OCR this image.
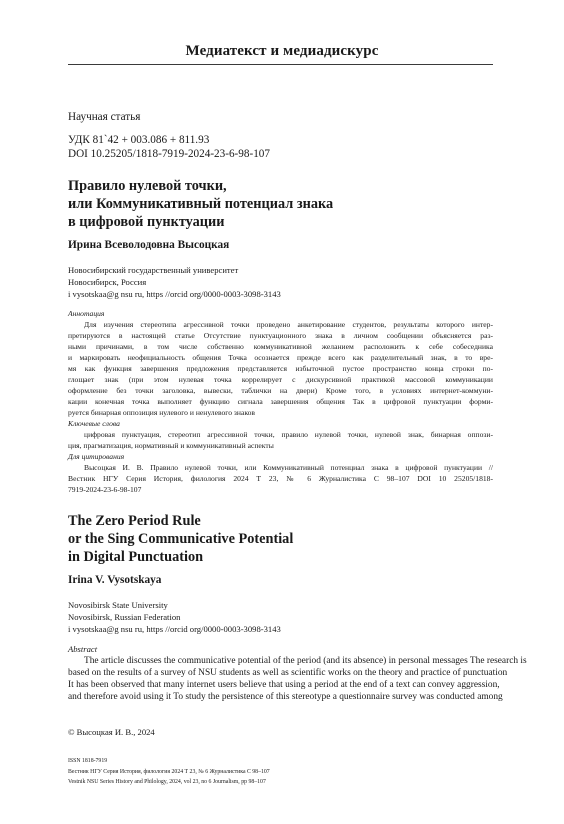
Медиатекст и медиадискурс
Научная статья
УДК 81`42 + 003.086 + 811.93
DOI 10.25205/1818-7919-2024-23-6-98-107
Правило нулевой точки,
или Коммуникативный потенциал знака
в цифровой пунктуации
Ирина Всеволодовна Высоцкая
Новосибирский государственный университет
Новосибирск, Россия
i vysotskaa@g nsu ru, https //orcid org/0000-0003-3098-3143
Аннотация
Для изучения стереотипа агрессивной точки проведено анкетирование студентов, результаты которого интер-
претируются в настоящей статье Отсутствие пунктуационного знака в личном сообщении объясняется раз-
ными причинами, в том числе собственно коммуникативной желанием расположить к себе собеседника
и маркировать неофициальность общения Точка осознается прежде всего как разделительный знак, в то вре-
мя как функция завершения предложения представляется избыточной пустое пространство конца строки по-
глощает знак (при этом нулевая точка коррелирует с дискурсивной практикой массовой коммуникации
оформление без точки заголовка, вывески, таблички на двери) Кроме того, в условиях интернет-коммуни-
кации конечная точка выполняет функцию сигнала завершения общения Так в цифровой пунктуации форми-
руется бинарная оппозиция нулевого и ненулевого знаков
Ключевые слова
цифровая пунктуация, стереотип агрессивной точки, правило нулевой точки, нулевой знак, бинарная оппози-
ция, прагматизация, нормативный и коммуникативный аспекты
Для цитирования
Высоцкая И. В. Правило нулевой точки, или Коммуникативный потенциал знака в цифровой пунктуации //
Вестник НГУ Серия История, филология 2024 Т 23, № 6 Журналистика С 98–107 DOI 10 25205/1818-
7919-2024-23-6-98-107
The Zero Period Rule
or the Sing Communicative Potential
in Digital Punctuation
Irina V. Vysotskaya
Novosibirsk State University
Novosibirsk, Russian Federation
i vysotskaa@g nsu ru, https //orcid org/0000-0003-3098-3143
Abstract
The article discusses the communicative potential of the period (and its absence) in personal messages The research is
based on the results of a survey of NSU students as well as scientific works on the theory and practice of punctuation
It has been observed that many internet users believe that using a period at the end of a text can convey aggression,
and therefore avoid using it To study the persistence of this stereotype a questionnaire survey was conducted among
© Высоцкая И. В., 2024
ISSN 1818-7919
Вестник НГУ Серия История, филология 2024 Т 23, № 6 Журналистика С 98–107
Vestnik NSU Series History and Philology, 2024, vol 23, no 6 Journalism, pp 98–107
